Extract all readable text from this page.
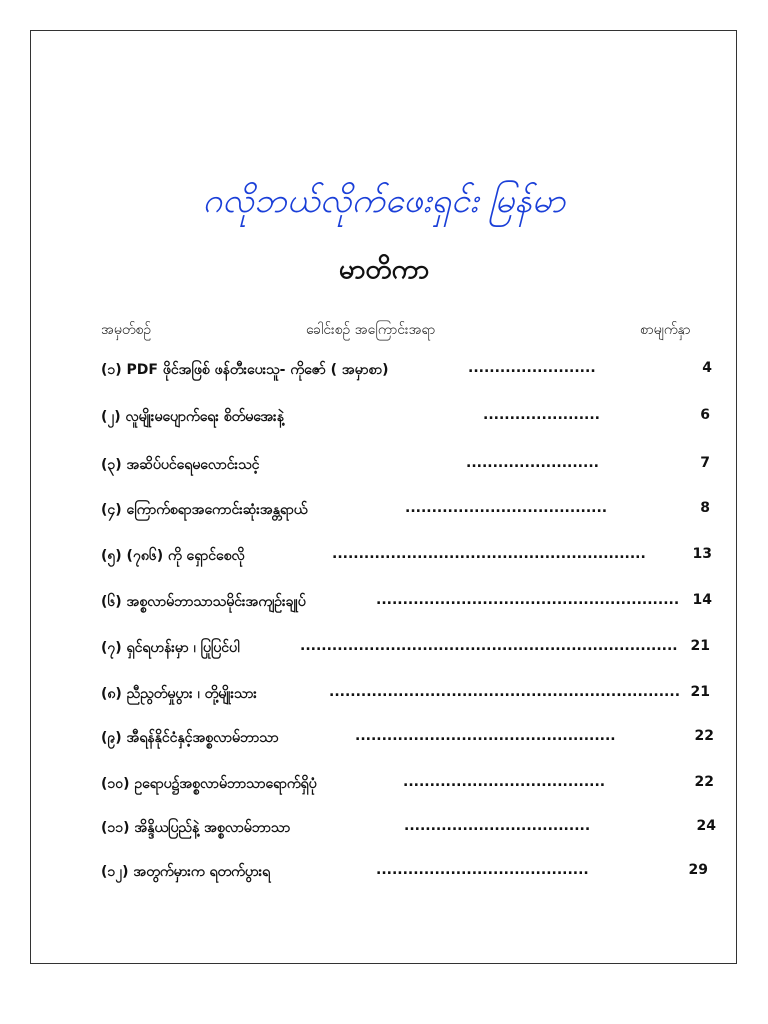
ဂလိုဘယ်လိုက်ဖေးရှင်း မြန်မာ
မာတိကာ
အမှတ်စဉ်	ခေါင်းစဉ် အကြောင်းအရာ	စာမျက်နှာ
(၁) PDF ဖိုင်အဖြစ် ဖန်တီးပေးသူ- ကိုဇော် ( အမှာစာ)	........................	4
(၂) လူမျိုးမပျောက်ရေး စိတ်မအေးနဲ့	......................	6
(၃) အဆိပ်ပင်ရေမလောင်းသင့်	.........................	7
(၄) ကြောက်စရာအကောင်းဆုံးအန္တရာယ်	......................................	8
(၅) (၇၈၆) ကို ရှောင်စေလို	...........................................................	13
(၆) အစ္စလာမ်ဘာသာသမိုင်းအကျဉ်းချုပ်	......................................................... 14
(၇) ရှင်ရဟန်းမှာ ၊ ပြုပြင်ပါ	....................................................................... 21
(၈) ညီညွတ်မှုပွား ၊ တို့မျိုးသား	.................................................................. 21
(၉) အီရန်နိုင်ငံနှင့်အစ္စလာမ်ဘာသာ	.................................................	22
(၁၀) ဥရောပ၌အစ္စလာမ်ဘာသာရောက်ရှိပုံ	......................................	22
(၁၁) အိန္ဒိယပြည်နဲ့ အစ္စလာမ်ဘာသာ	...................................	24
(၁၂) အတွက်မှားက ရတက်ပွားရ	........................................	29
